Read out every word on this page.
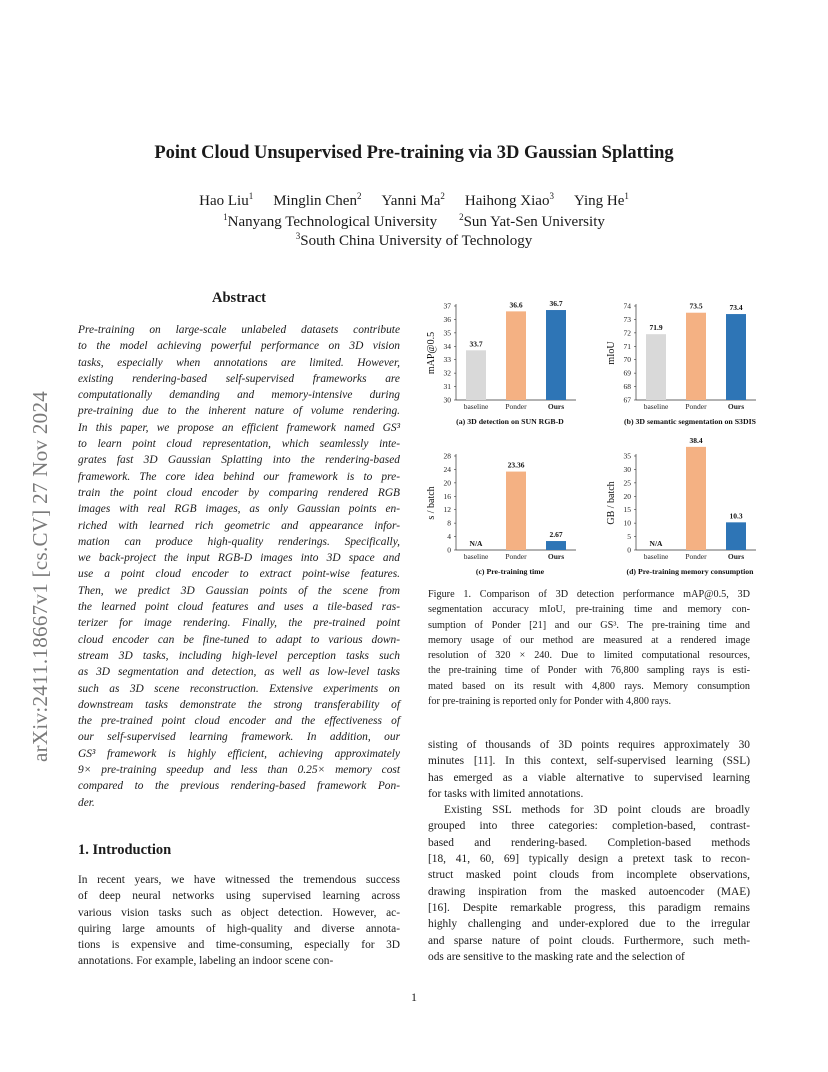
Point Cloud Unsupervised Pre-training via 3D Gaussian Splatting
Hao Liu$^1$ Minglin Chen$^2$ Yanni Ma$^2$ Haihong Xiao$^3$ Ying He$^1$
$^1$Nanyang Technological University $^2$Sun Yat-Sen University
$^3$South China University of Technology
arXiv:2411.18667v1 [cs.CV] 27 Nov 2024
Abstract
Pre-training on large-scale unlabeled datasets contribute
to the model achieving powerful performance on 3D vision
tasks, especially when annotations are limited. However,
existing rendering-based self-supervised frameworks are
computationally demanding and memory-intensive during
pre-training due to the inherent nature of volume rendering.
In this paper, we propose an efficient framework named GS³
to learn point cloud representation, which seamlessly inte-
grates fast 3D Gaussian Splatting into the rendering-based
framework. The core idea behind our framework is to pre-
train the point cloud encoder by comparing rendered RGB
images with real RGB images, as only Gaussian points en-
riched with learned rich geometric and appearance infor-
mation can produce high-quality renderings. Specifically,
we back-project the input RGB-D images into 3D space and
use a point cloud encoder to extract point-wise features.
Then, we predict 3D Gaussian points of the scene from
the learned point cloud features and uses a tile-based ras-
terizer for image rendering. Finally, the pre-trained point
cloud encoder can be fine-tuned to adapt to various down-
stream 3D tasks, including high-level perception tasks such
as 3D segmentation and detection, as well as low-level tasks
such as 3D scene reconstruction. Extensive experiments on
downstream tasks demonstrate the strong transferability of
the pre-trained point cloud encoder and the effectiveness of
our self-supervised learning framework. In addition, our
GS³ framework is highly efficient, achieving approximately
9× pre-training speedup and less than 0.25× memory cost
compared to the previous rendering-based framework Pon-
der.
1. Introduction
In recent years, we have witnessed the tremendous success
of deep neural networks using supervised learning across
various vision tasks such as object detection. However, ac-
quiring large amounts of high-quality and diverse annota-
tions is expensive and time-consuming, especially for 3D
annotations. For example, labeling an indoor scene con-
30
31
32
33
34
35
36
37
mAP@0.5	33.7
baseline
36.6
Ponder
36.7
Ours
(a) 3D detection on SUN RGB-D
67
68
69
70
71
72
73
74
mIoU
71.9
baseline
73.5
Ponder
73.4
Ours
(b) 3D semantic segmentation on S3DIS
0
4
8
12
16
20
24
28
s / batch
N/A
baseline
23.36
Ponder
2.67
Ours
(c) Pre-training time
0
5
10
15
20
25
30
35
GB / batch
N/A
baseline
38.4
Ponder
10.3
Ours
(d) Pre-training memory consumption
Figure 1. Comparison of 3D detection performance mAP@0.5, 3D
segmentation accuracy mIoU, pre-training time and memory con-
sumption of Ponder [21] and our GS³. The pre-training time and
memory usage of our method are measured at a rendered image
resolution of 320 × 240. Due to limited computational resources,
the pre-training time of Ponder with 76,800 sampling rays is esti-
mated based on its result with 4,800 rays. Memory consumption
for pre-training is reported only for Ponder with 4,800 rays.
sisting of thousands of 3D points requires approximately 30
minutes [11]. In this context, self-supervised learning (SSL)
has emerged as a viable alternative to supervised learning
for tasks with limited annotations.
Existing SSL methods for 3D point clouds are broadly
grouped into three categories: completion-based, contrast-
based and rendering-based. Completion-based methods
[18, 41, 60, 69] typically design a pretext task to recon-
struct masked point clouds from incomplete observations,
drawing inspiration from the masked autoencoder (MAE)
[16]. Despite remarkable progress, this paradigm remains
highly challenging and under-explored due to the irregular
and sparse nature of point clouds. Furthermore, such meth-
ods are sensitive to the masking rate and the selection of
1
